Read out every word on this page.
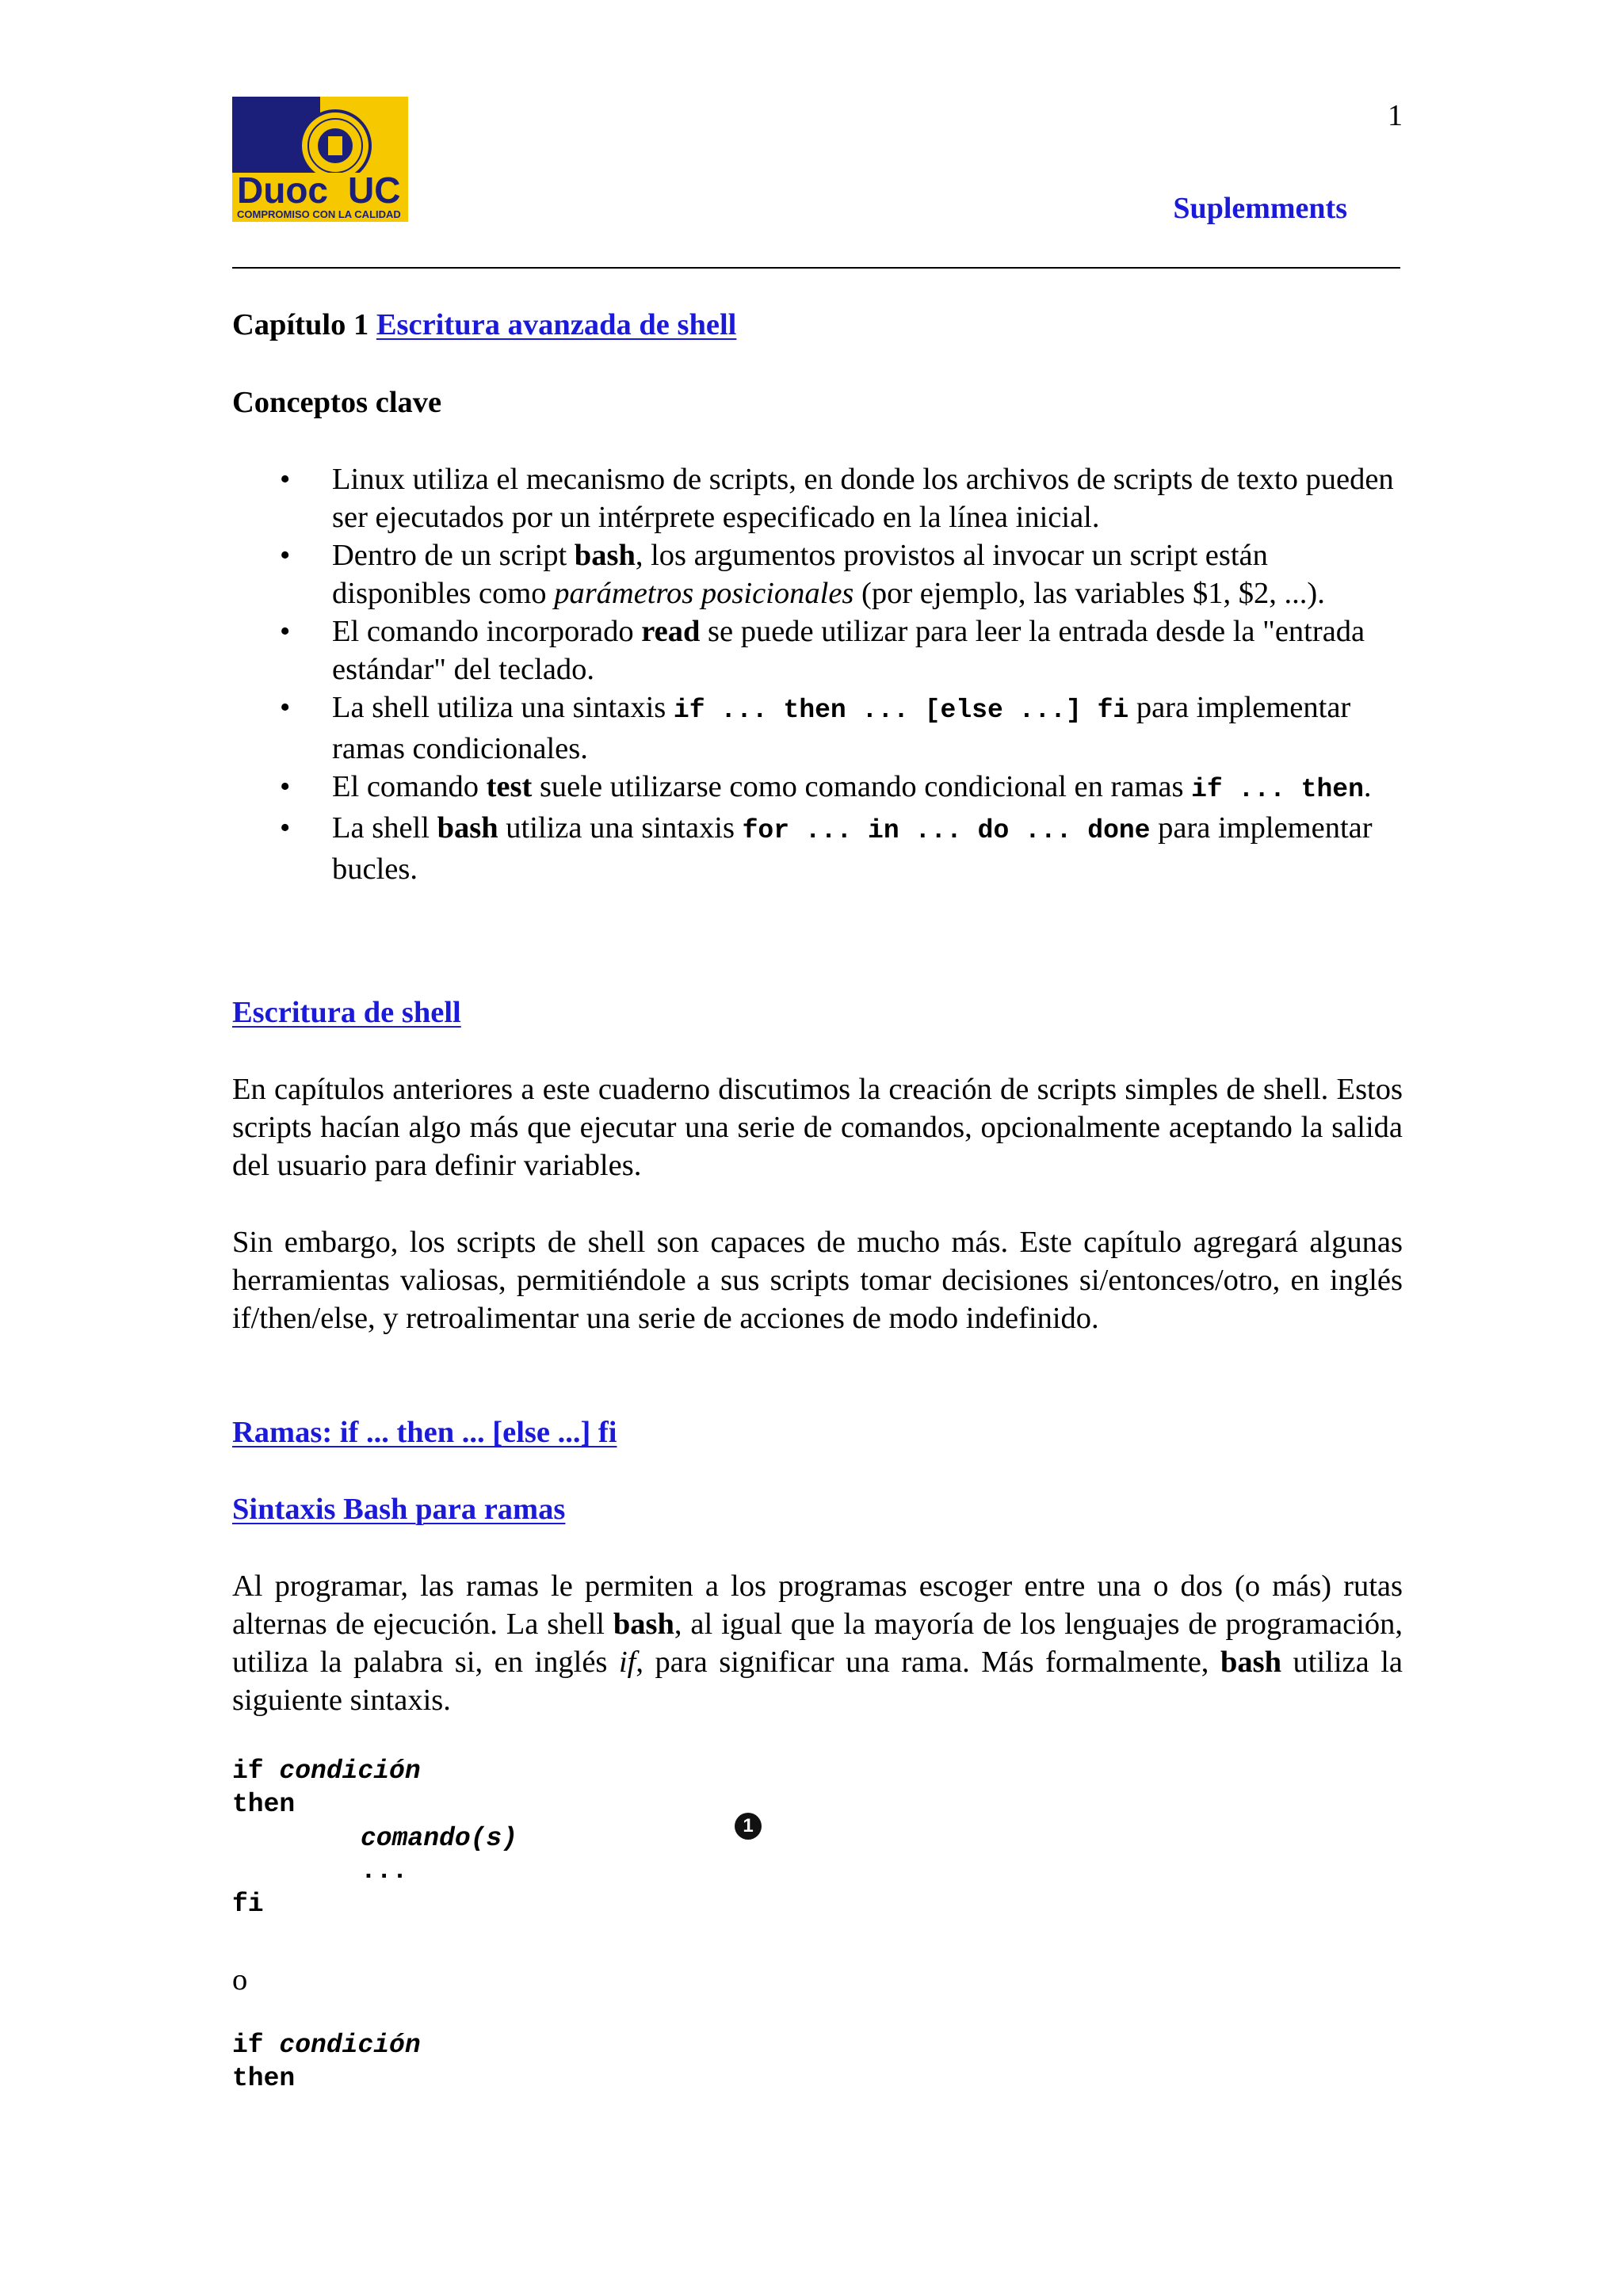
Duoc UC
COMPROMISO CON LA CALIDAD
1
Suplemments
Capítulo 1 Escritura avanzada de shell
Conceptos clave
• Linux utiliza el mecanismo de scripts, en donde los archivos de scripts de texto pueden ser ejecutados por un intérprete especificado en la línea inicial.
• Dentro de un script bash, los argumentos provistos al invocar un script están disponibles como parámetros posicionales (por ejemplo, las variables $1, $2, ...).
• El comando incorporado read se puede utilizar para leer la entrada desde la "entrada estándar" del teclado.
• La shell utiliza una sintaxis if ... then ... [else ...] fi para implementar ramas condicionales.
• El comando test suele utilizarse como comando condicional en ramas if ... then.
• La shell bash utiliza una sintaxis for ... in ... do ... done para implementar bucles.
Escritura de shell

En capítulos anteriores a este cuaderno discutimos la creación de scripts simples de shell. Estos scripts hacían algo más que ejecutar una serie de comandos, opcionalmente aceptando la salida del usuario para definir variables.

Sin embargo, los scripts de shell son capaces de mucho más. Este capítulo agregará algunas herramientas valiosas, permitiéndole a sus scripts tomar decisiones si/entonces/otro, en inglés if/then/else, y retroalimentar una serie de acciones de modo indefinido.

Ramas: if ... then ... [else ...] fi
Sintaxis Bash para ramas

Al programar, las ramas le permiten a los programas escoger entre una o dos (o más) rutas alternas de ejecución. La shell bash, al igual que la mayoría de los lenguajes de programación, utiliza la palabra si, en inglés if, para significar una rama. Más formalmente, bash utiliza la siguiente sintaxis.

if condición
then
comando(s)
...
fi
1
o
if condición
then
